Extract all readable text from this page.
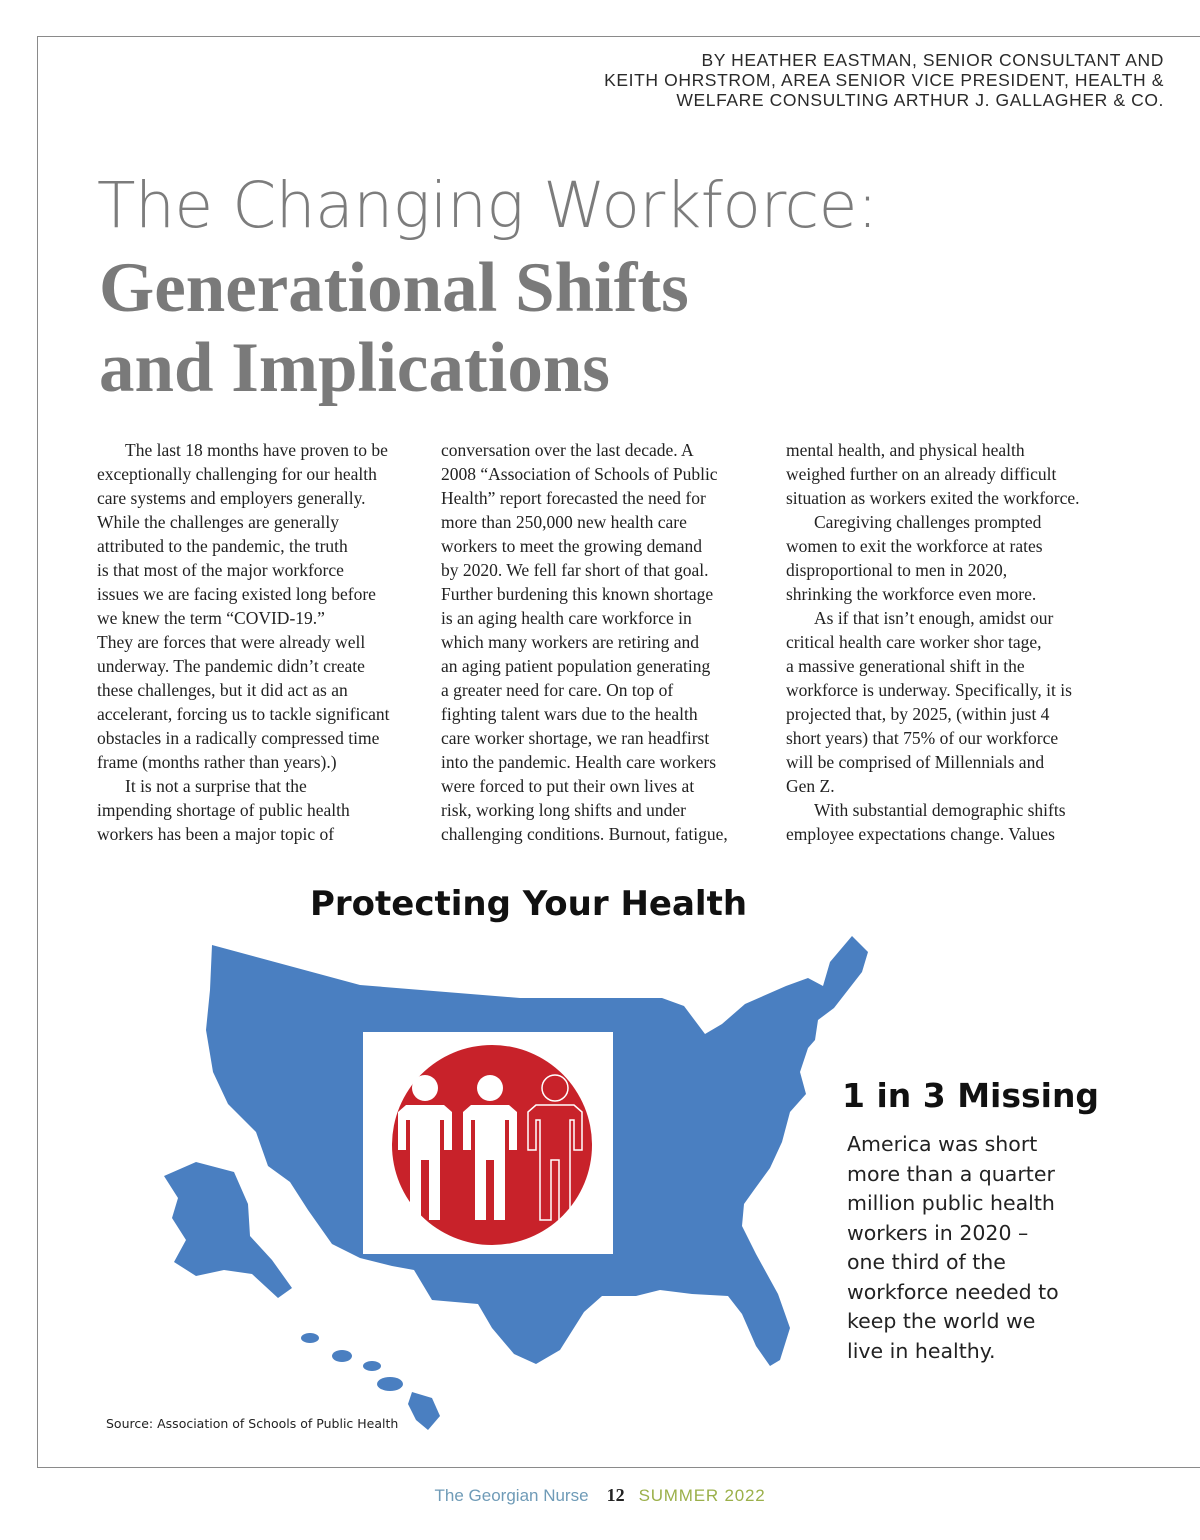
BY HEATHER EASTMAN, SENIOR CONSULTANT AND
KEITH OHRSTROM, AREA SENIOR VICE PRESIDENT, HEALTH &
WELFARE CONSULTING ARTHUR J. GALLAGHER & CO.
The Changing Workforce:
Generational Shifts
and Implications
The last 18 months have proven to be
exceptionally challenging for our health
care systems and employers generally.
While the challenges are generally
attributed to the pandemic, the truth
is that most of the major workforce
issues we are facing existed long before
we knew the term “COVID-19.”
They are forces that were already well
underway. The pandemic didn’t create
these challenges, but it did act as an
accelerant, forcing us to tackle significant
obstacles in a radically compressed time
frame (months rather than years).)
It is not a surprise that the
impending shortage of public health
workers has been a major topic of
conversation over the last decade. A
2008 “Association of Schools of Public
Health” report forecasted the need for
more than 250,000 new health care
workers to meet the growing demand
by 2020. We fell far short of that goal.
Further burdening this known shortage
is an aging health care workforce in
which many workers are retiring and
an aging patient population generating
a greater need for care. On top of
fighting talent wars due to the health
care worker shortage, we ran headfirst
into the pandemic. Health care workers
were forced to put their own lives at
risk, working long shifts and under
challenging conditions. Burnout, fatigue,
mental health, and physical health
weighed further on an already difficult
situation as workers exited the workforce.
Caregiving challenges prompted
women to exit the workforce at rates
disproportional to men in 2020,
shrinking the workforce even more.
As if that isn’t enough, amidst our
critical health care worker shor tage,
a massive generational shift in the
workforce is underway. Specifically, it is
projected that, by 2025, (within just 4
short years) that 75% of our workforce
will be comprised of Millennials and
Gen Z.
With substantial demographic shifts
employee expectations change. Values
Protecting Your Health
1 in 3 Missing
America was short
more than a quarter
million public health
workers in 2020 –
one third of the
workforce needed to
keep the world we
live in healthy.
Source: Association of Schools of Public Health
The Georgian Nurse 12 SUMMER 2022
